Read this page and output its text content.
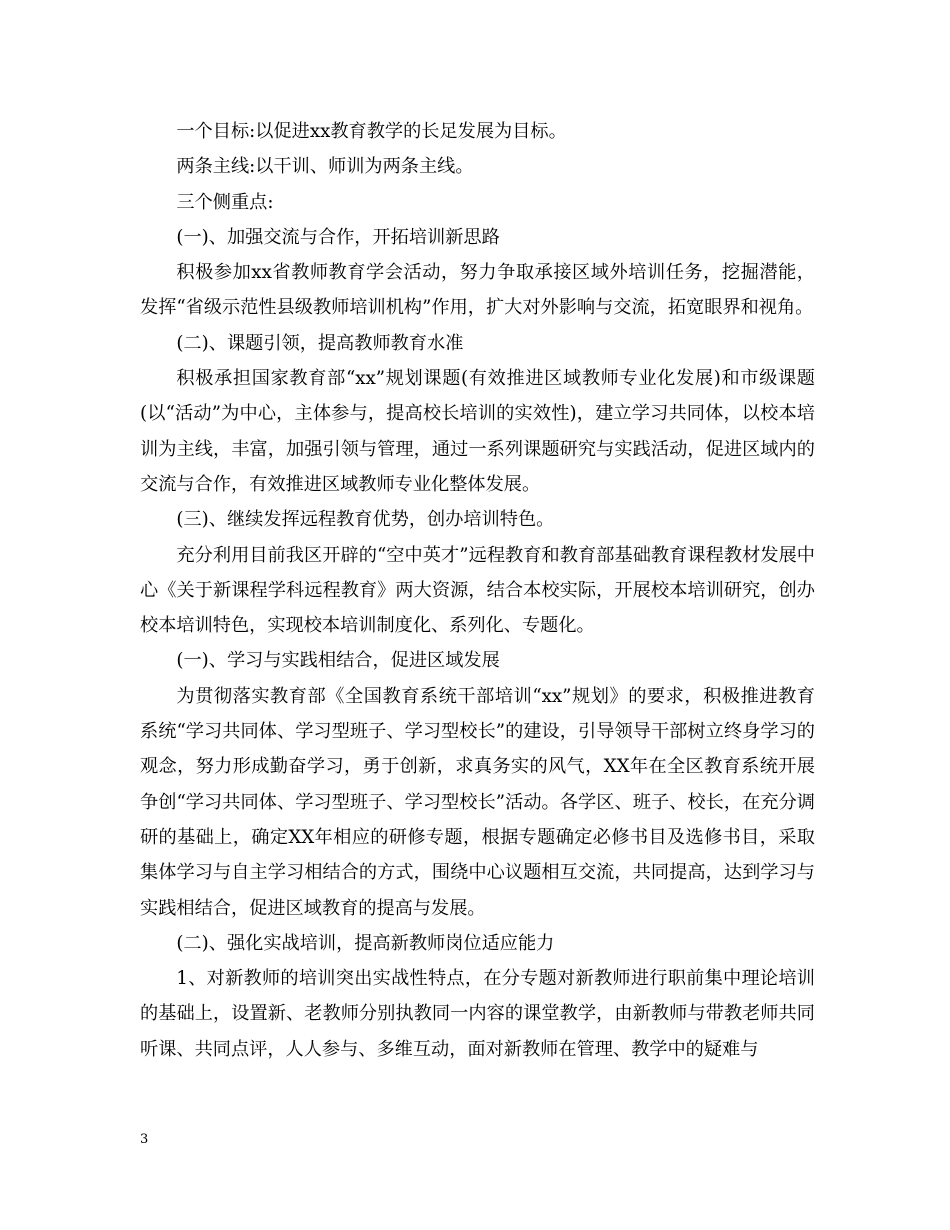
一个目标:以促进xx教育教学的长足发展为目标。

两条主线:以干训、师训为两条主线。

三个侧重点:

(一)、加强交流与合作，开拓培训新思路

积极参加xx省教师教育学会活动，努力争取承接区域外培训任务，挖掘潜能，发挥“省级示范性县级教师培训机构”作用，扩大对外影响与交流，拓宽眼界和视角。

(二)、课题引领，提高教师教育水准

积极承担国家教育部“xx”规划课题(有效推进区域教师专业化发展)和市级课题(以“活动”为中心，主体参与，提高校长培训的实效性)，建立学习共同体，以校本培训为主线，丰富，加强引领与管理，通过一系列课题研究与实践活动，促进区域内的交流与合作，有效推进区域教师专业化整体发展。

(三)、继续发挥远程教育优势，创办培训特色。

充分利用目前我区开辟的“空中英才”远程教育和教育部基础教育课程教材发展中心《关于新课程学科远程教育》两大资源，结合本校实际，开展校本培训研究，创办校本培训特色，实现校本培训制度化、系列化、专题化。

(一)、学习与实践相结合，促进区域发展

为贯彻落实教育部《全国教育系统干部培训“xx”规划》的要求，积极推进教育系统“学习共同体、学习型班子、学习型校长”的建设，引导领导干部树立终身学习的观念，努力形成勤奋学习，勇于创新，求真务实的风气，XX年在全区教育系统开展争创“学习共同体、学习型班子、学习型校长”活动。各学区、班子、校长，在充分调研的基础上，确定XX年相应的研修专题，根据专题确定必修书目及选修书目，采取集体学习与自主学习相结合的方式，围绕中心议题相互交流，共同提高，达到学习与实践相结合，促进区域教育的提高与发展。

(二)、强化实战培训，提高新教师岗位适应能力

1、对新教师的培训突出实战性特点，在分专题对新教师进行职前集中理论培训的基础上，设置新、老教师分别执教同一内容的课堂教学，由新教师与带教老师共同听课、共同点评，人人参与、多维互动，面对新教师在管理、教学中的疑难与

3
